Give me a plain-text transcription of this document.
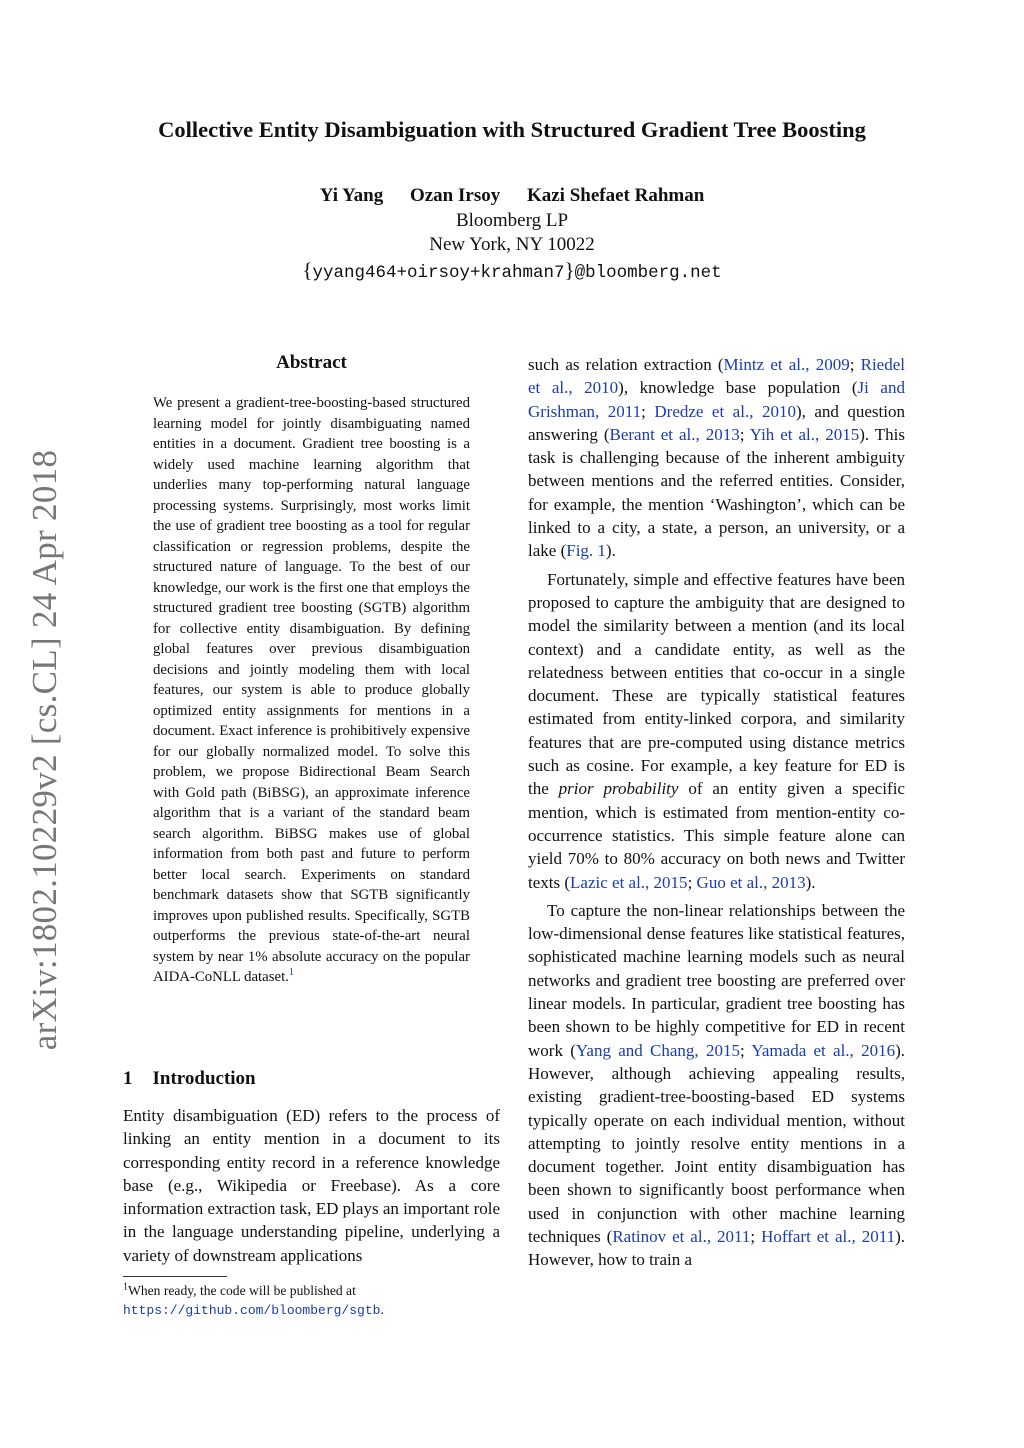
arXiv:1802.10229v2 [cs.CL] 24 Apr 2018
Collective Entity Disambiguation with Structured Gradient Tree Boosting
Yi Yang Ozan Irsoy Kazi Shefaet Rahman
Bloomberg LP
New York, NY 10022
{yyang464+oirsoy+krahman7}@bloomberg.net
Abstract
We present a gradient-tree-boosting-based structured learning model for jointly disambiguating named entities in a document. Gradient tree boosting is a widely used machine learning algorithm that underlies many top-performing natural language processing systems. Surprisingly, most works limit the use of gradient tree boosting as a tool for regular classification or regression problems, despite the structured nature of language. To the best of our knowledge, our work is the first one that employs the structured gradient tree boosting (SGTB) algorithm for collective entity disambiguation. By defining global features over previous disambiguation decisions and jointly modeling them with local features, our system is able to produce globally optimized entity assignments for mentions in a document. Exact inference is prohibitively expensive for our globally normalized model. To solve this problem, we propose Bidirectional Beam Search with Gold path (BiBSG), an approximate inference algorithm that is a variant of the standard beam search algorithm. BiBSG makes use of global information from both past and future to perform better local search. Experiments on standard benchmark datasets show that SGTB significantly improves upon published results. Specifically, SGTB outperforms the previous state-of-the-art neural system by near 1% absolute accuracy on the popular AIDA-CoNLL dataset.$^1$
1 Introduction
Entity disambiguation (ED) refers to the process of linking an entity mention in a document to its corresponding entity record in a reference knowledge base (e.g., Wikipedia or Freebase). As a core information extraction task, ED plays an important role in the language understanding pipeline, underlying a variety of downstream applications
$^1$When ready, the code will be published at https://github.com/bloomberg/sgtb.

such as relation extraction (Mintz et al., 2009; Riedel et al., 2010), knowledge base population (Ji and Grishman, 2011; Dredze et al., 2010), and question answering (Berant et al., 2013; Yih et al., 2015). This task is challenging because of the inherent ambiguity between mentions and the referred entities. Consider, for example, the mention ‘Washington’, which can be linked to a city, a state, a person, an university, or a lake (Fig. 1).

Fortunately, simple and effective features have been proposed to capture the ambiguity that are designed to model the similarity between a mention (and its local context) and a candidate entity, as well as the relatedness between entities that co-occur in a single document. These are typically statistical features estimated from entity-linked corpora, and similarity features that are pre-computed using distance metrics such as cosine. For example, a key feature for ED is the prior probability of an entity given a specific mention, which is estimated from mention-entity co-occurrence statistics. This simple feature alone can yield 70% to 80% accuracy on both news and Twitter texts (Lazic et al., 2015; Guo et al., 2013).

To capture the non-linear relationships between the low-dimensional dense features like statistical features, sophisticated machine learning models such as neural networks and gradient tree boosting are preferred over linear models. In particular, gradient tree boosting has been shown to be highly competitive for ED in recent work (Yang and Chang, 2015; Yamada et al., 2016). However, although achieving appealing results, existing gradient-tree-boosting-based ED systems typically operate on each individual mention, without attempting to jointly resolve entity mentions in a document together. Joint entity disambiguation has been shown to significantly boost performance when used in conjunction with other machine learning techniques (Ratinov et al., 2011; Hoffart et al., 2011). However, how to train a
